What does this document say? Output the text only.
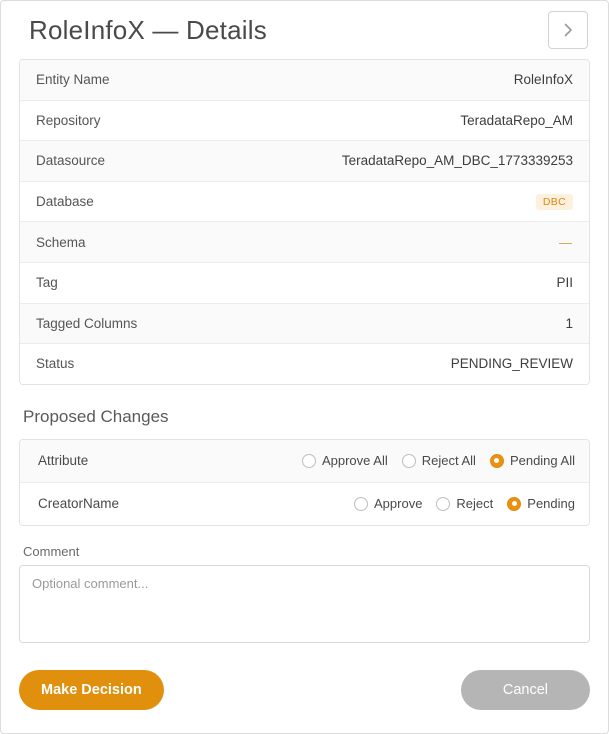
RoleInfoX — Details
Entity Name	RoleInfoX
Repository	TeradataRepo_AM
Datasource	TeradataRepo_AM_DBC_1773339253
Database	DBC
Schema	—
Tag	PII
Tagged Columns	1
Status	PENDING_REVIEW
Proposed Changes
Attribute	Approve All	Reject All	Pending All
CreatorName	Approve	Reject	Pending
Comment
Optional comment...
Make Decision	Cancel
